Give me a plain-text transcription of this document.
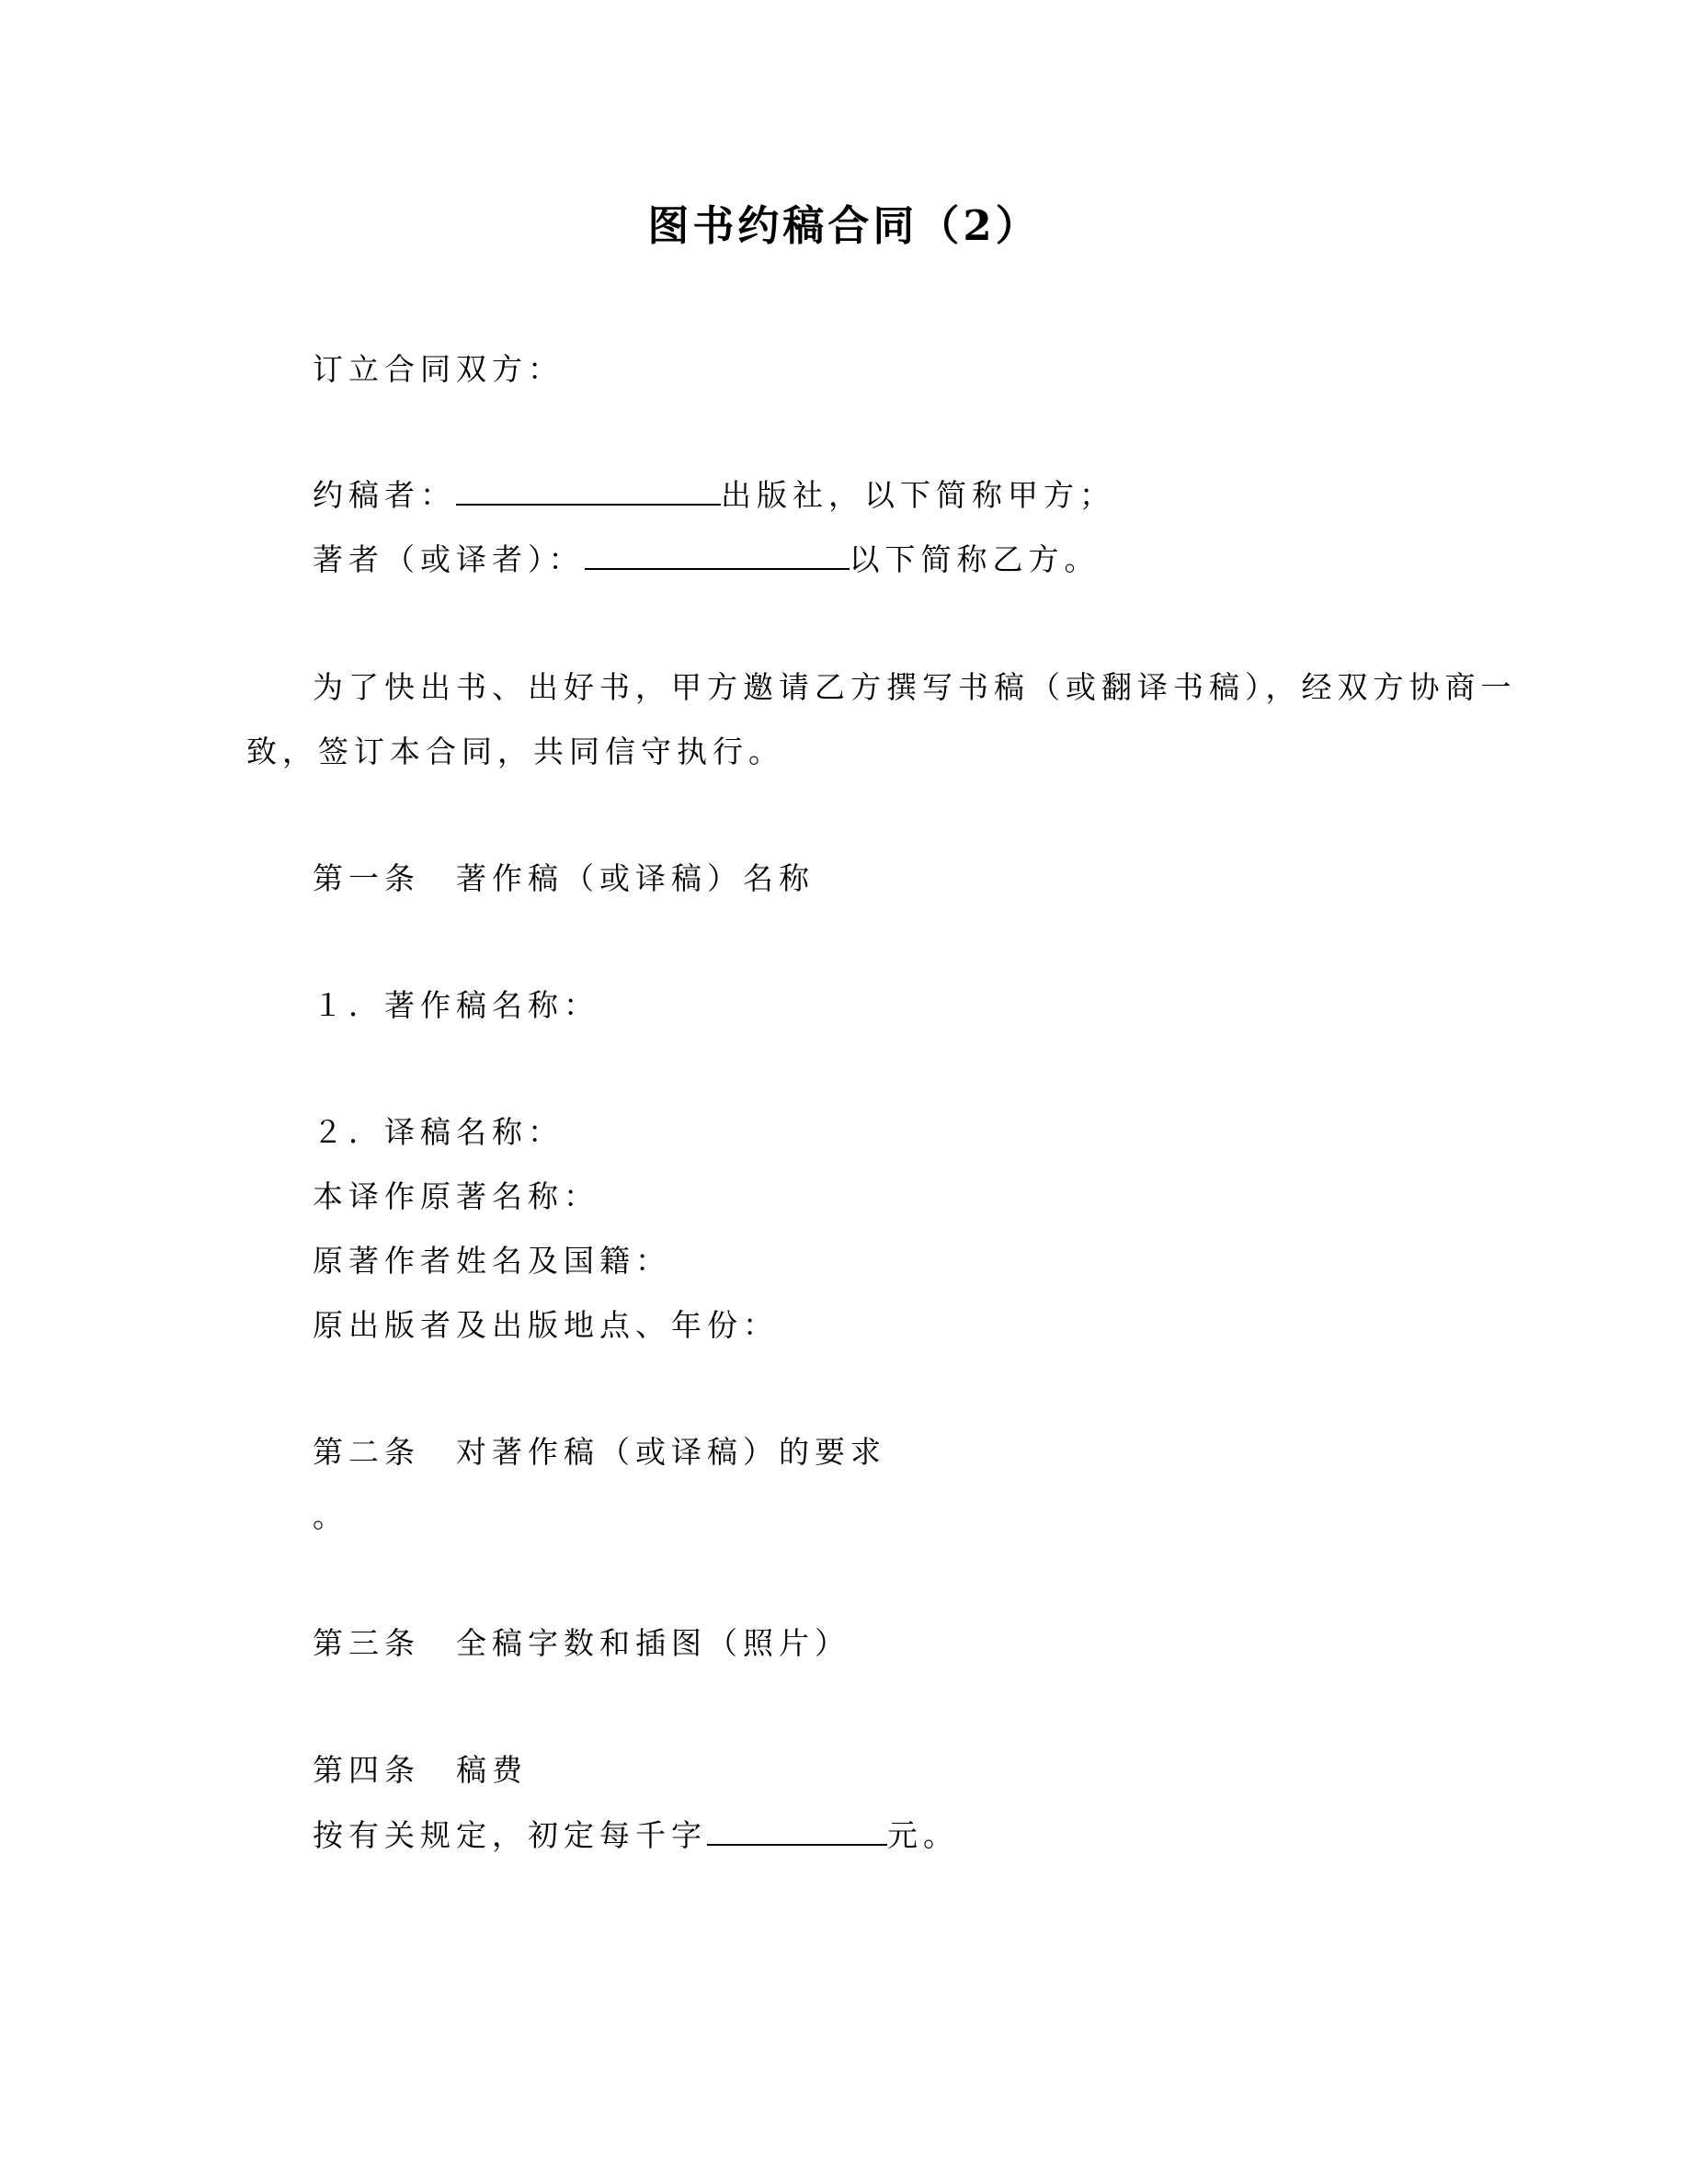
图书约稿合同（2）
订立合同双方：
约稿者：	出版社，以下简称甲方；
著者（或译者）：	以下简称乙方。
为了快出书、出好书，甲方邀请乙方撰写书稿（或翻译书稿），经双方协商一
致，签订本合同，共同信守执行。
第一条　著作稿（或译稿）名称
１．著作稿名称：
２．译稿名称：
本译作原著名称：
原著作者姓名及国籍：
原出版者及出版地点、年份：
第二条　对著作稿（或译稿）的要求
。
第三条　全稿字数和插图（照片）
第四条　稿费
按有关规定，初定每千字	元。
